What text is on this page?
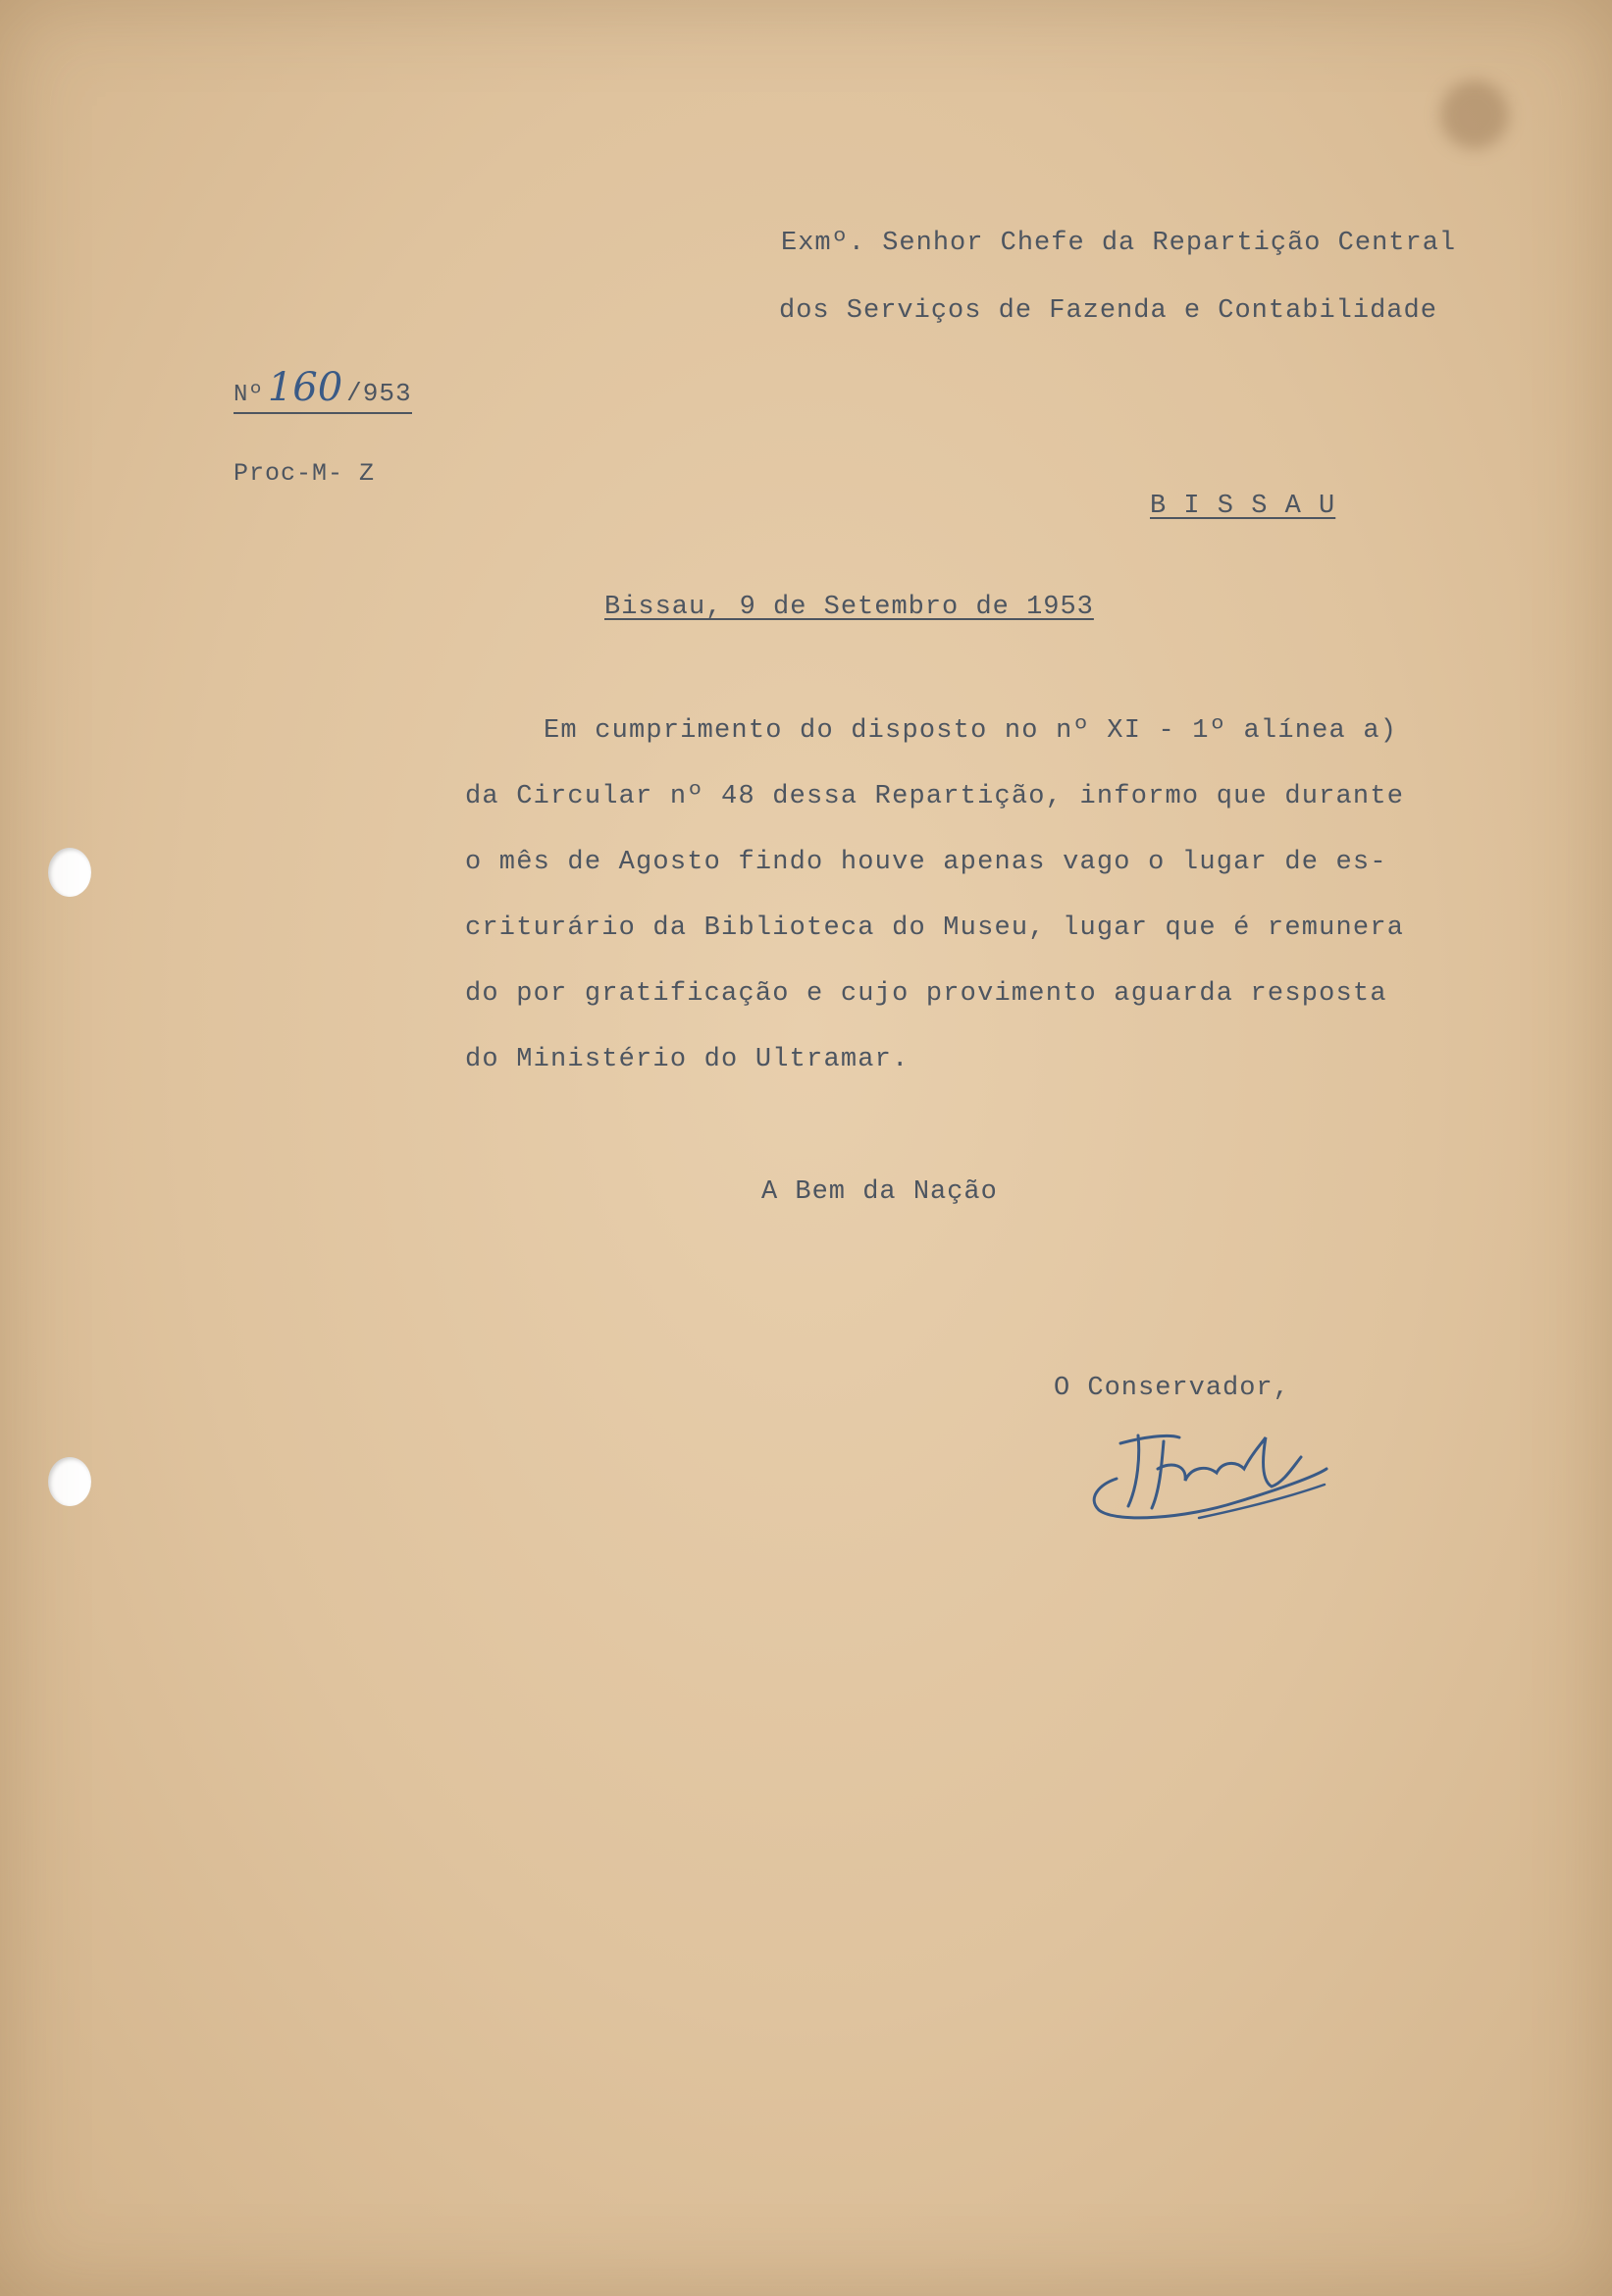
Exmº. Senhor Chefe da Repartição Central

dos Serviços de Fazenda e Contabilidade

Nº 160 /953

Proc-M- Z

B I S S A U

Bissau, 9 de Setembro de 1953

Em cumprimento do disposto no nº XI - 1º alínea a)
da Circular nº 48 dessa Repartição, informo que durante
o mês de Agosto findo houve apenas vago o lugar de es-
criturário da Biblioteca do Museu, lugar que é remunera
do por gratificação e cujo provimento aguarda resposta
do Ministério do Ultramar.

A Bem da Nação

O Conservador,
